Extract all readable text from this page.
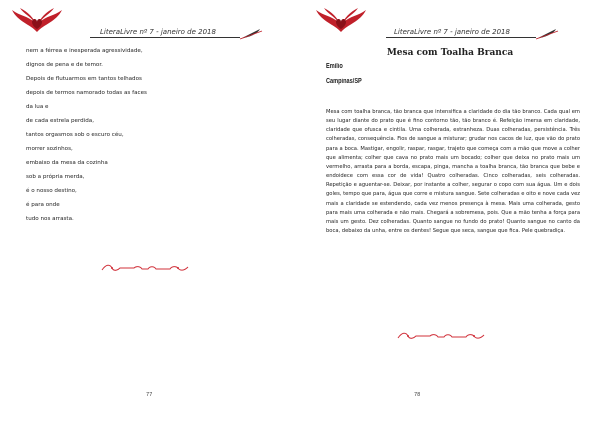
LiteraLivre nº 7 - janeiro de 2018
nem a férrea e inesperada agressividade,
dignos de pena e de temor.
Depois de flutuarmos em tantos telhados
depois de termos namorado todas as faces
da lua e
de cada estrela perdida,
tantos orgasmos sob o escuro céu,
morrer sozinhos,
embaixo da mesa da cozinha
sob a própria merda,
é o nosso destino,
é para onde
tudo nos arrasta.
77
LiteraLivre nº 7 - janeiro de 2018
Mesa com Toalha Branca
Emílio
Campinas/SP
Mesa com toalha branca, tão branca que intensifica a claridade do dia tão branco. Cada qual em seu lugar diante do prato que é fino contorno tão, tão branco é. Refeição imersa em claridade, claridade que ofusca e cintila. Uma colherada, estranheza. Duas colheradas, persistência. Três colheradas, consequência. Fios de sangue a misturar; grudar nos cacos de luz, que vão do prato para a boca. Mastigar, engolir, raspar, rasgar, trajeto que começa com a mão que move a colher que alimenta; colher que cava no prato mais um bocado; colher que deixa no prato mais um vermelho, arrasta para a borda, escapa, pinga, mancha a toalha branca, tão branca que bebe e endoidece com essa cor de vida! Quatro colheradas. Cinco colheradas, seis colheradas. Repetição e aguentar-se. Deixar, por instante a colher, segurar o copo com sua água. Um e dois goles, tempo que para, água que corre e mistura sangue. Sete colheradas e oito e nove cada vez mais a claridade se estendendo, cada vez menos presença à mesa. Mais uma colherada, gesto para mais uma colherada e não mais. Chegará a sobremesa, pois. Que a mão tenha a força para mais um gesto. Dez colheradas. Quanto sangue no fundo do prato! Quanto sangue no canto da boca, debaixo da unha, entre os dentes! Segue que seca, sangue que fica. Pele quebradiça.
78
